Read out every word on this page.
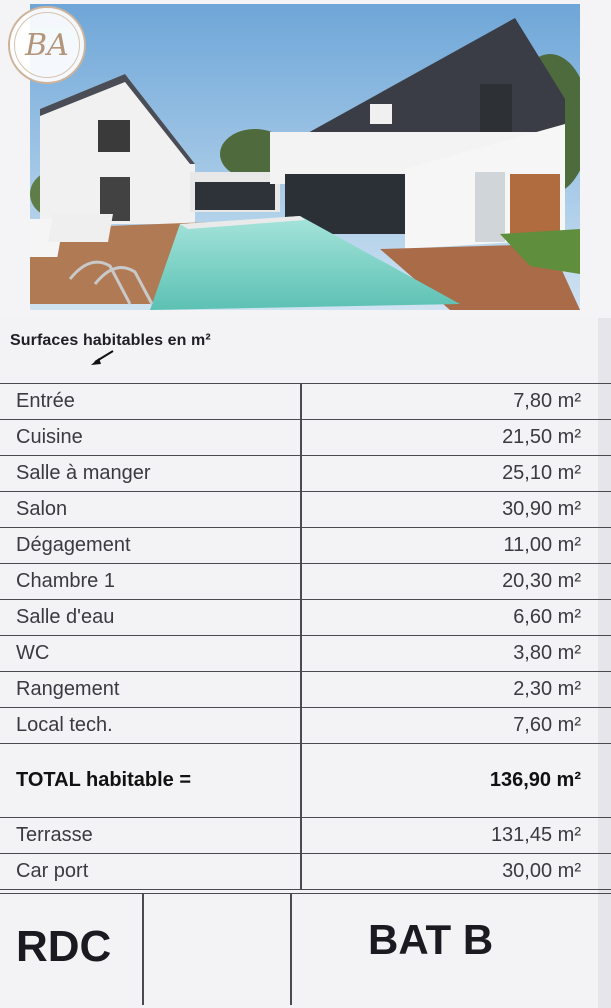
BA
Surfaces habitables en m²
Entrée	7,80 m²
Cuisine	21,50 m²
Salle à manger	25,10 m²
Salon	30,90 m²
Dégagement	11,00 m²
Chambre 1	20,30 m²
Salle d'eau	6,60 m²
WC	3,80 m²
Rangement	2,30 m²
Local tech.	7,60 m²
TOTAL habitable =	136,90 m²
Terrasse	131,45 m²
Car port	30,00 m²
RDC	BAT B
